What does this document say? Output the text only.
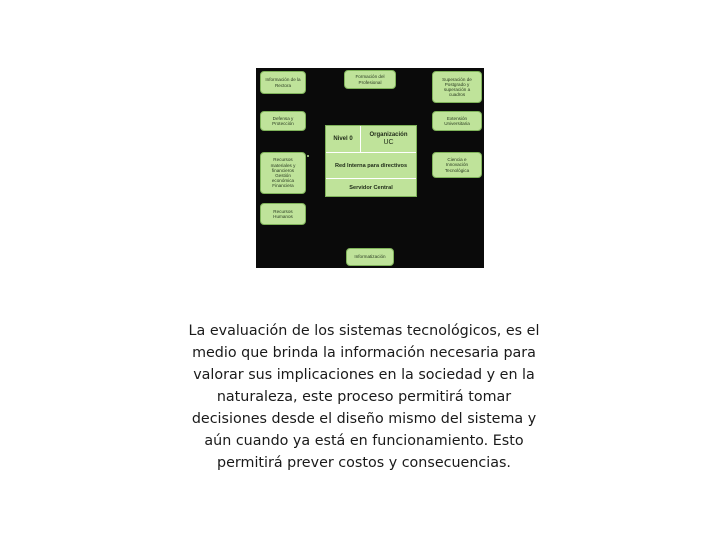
Información de la
Rectora
Defensa y
Protección
Recursos
materiales y
financieros
Gestión
económica
Financiera
Recursos
Humanos
Formación del
Profesional
Superación de
Postgrado y
superación a
cuadros
Extensión
Universitaria
Ciencia e
Innovación
Tecnológica
Informatización
Nivel 0
Organización
UC
Red Interna para directivos
Servidor Central

La evaluación de los sistemas tecnológicos, es el medio que brinda la información necesaria para valorar sus implicaciones en la sociedad y en la naturaleza, este proceso permitirá tomar decisiones desde el diseño mismo del sistema y aún cuando ya está en funcionamiento. Esto permitirá prever costos y consecuencias.
